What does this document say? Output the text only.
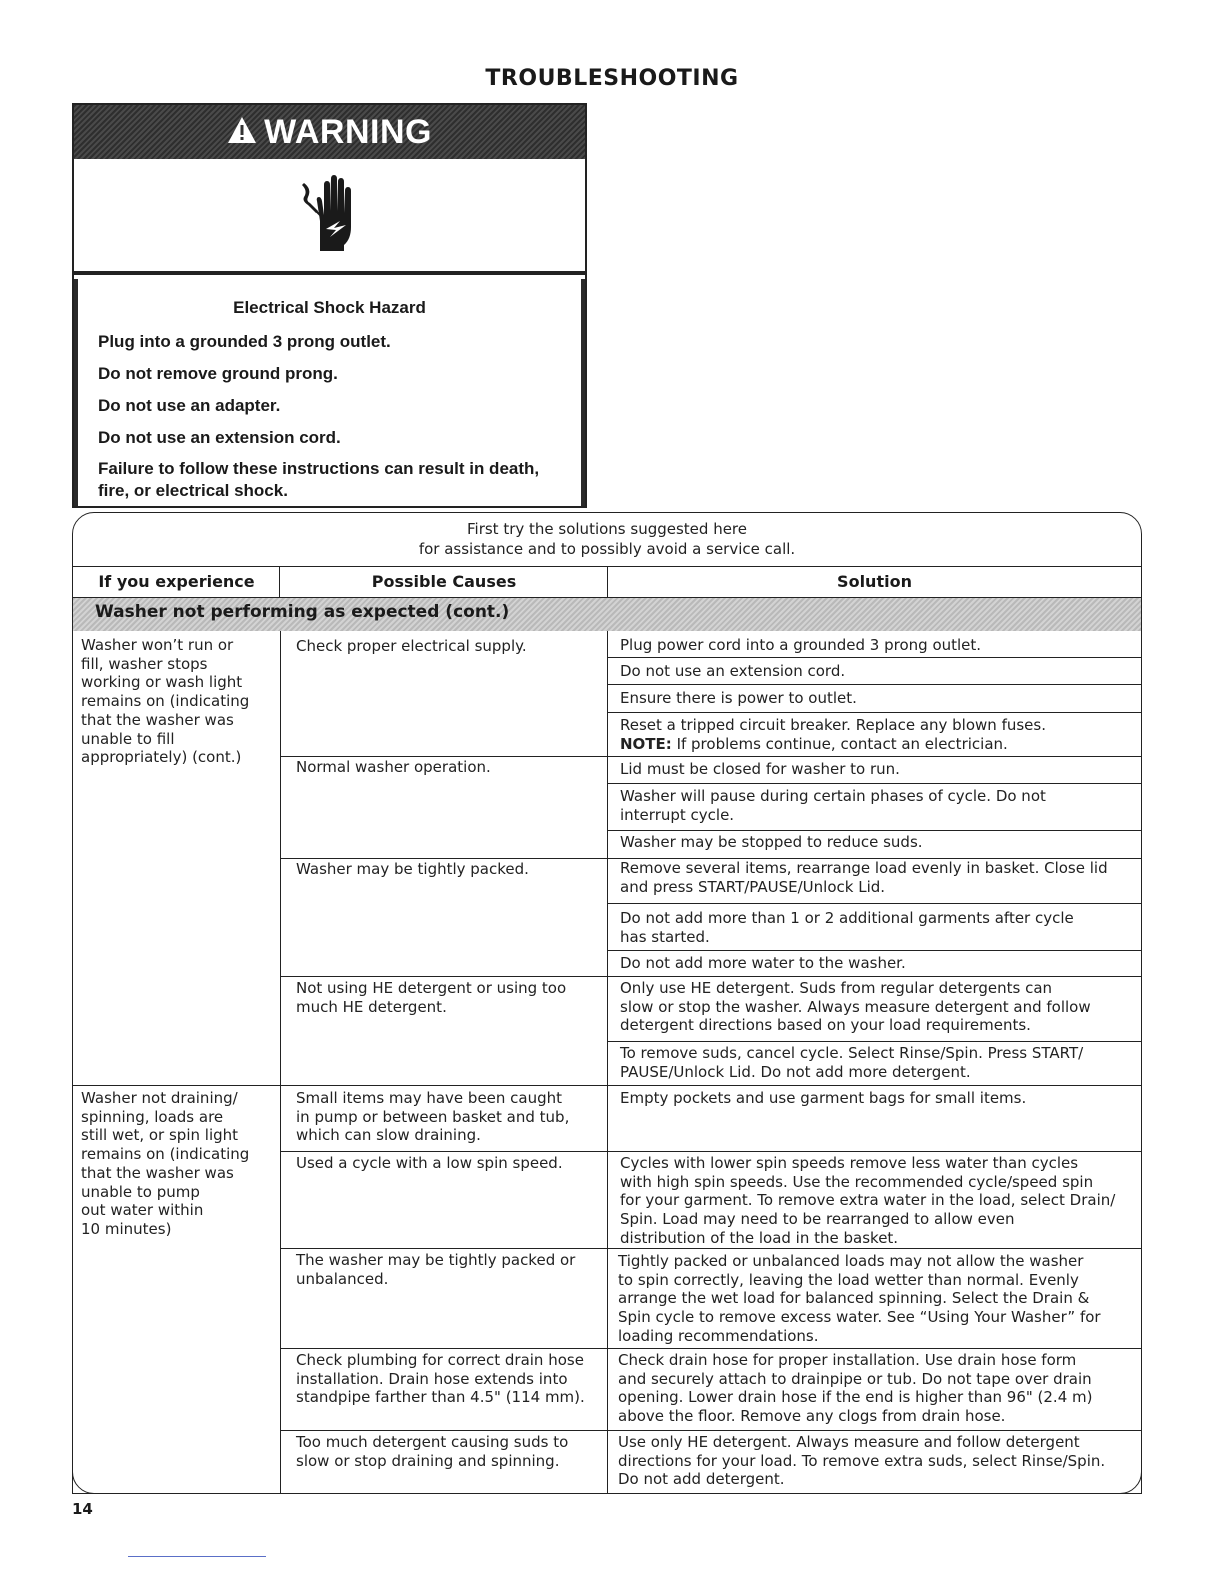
TROUBLESHOOTING
WARNING
Electrical Shock Hazard
Plug into a grounded 3 prong outlet.
Do not remove ground prong.
Do not use an adapter.
Do not use an extension cord.
Failure to follow these instructions can result in death,
fire, or electrical shock.
First try the solutions suggested here
for assistance and to possibly avoid a service call.
If you experience	Possible Causes	Solution
Washer not performing as expected (cont.)
Washer won’t run or
fill, washer stops
working or wash light
remains on (indicating
that the washer was
unable to fill
appropriately) (cont.)
Washer not draining/
spinning, loads are
still wet, or spin light
remains on (indicating
that the washer was
unable to pump
out water within
10 minutes)
Check proper electrical supply.
Normal washer operation.
Washer may be tightly packed.
Not using HE detergent or using too
much HE detergent.
Small items may have been caught
in pump or between basket and tub,
which can slow draining.
Used a cycle with a low spin speed.
The washer may be tightly packed or
unbalanced.
Check plumbing for correct drain hose
installation. Drain hose extends into
standpipe farther than 4.5" (114 mm).
Too much detergent causing suds to
slow or stop draining and spinning.
Plug power cord into a grounded 3 prong outlet.
Do not use an extension cord.
Ensure there is power to outlet.
Reset a tripped circuit breaker. Replace any blown fuses.
NOTE: If problems continue, contact an electrician.
Lid must be closed for washer to run.
Washer will pause during certain phases of cycle. Do not
interrupt cycle.
Washer may be stopped to reduce suds.
Remove several items, rearrange load evenly in basket. Close lid
and press START/PAUSE/Unlock Lid.
Do not add more than 1 or 2 additional garments after cycle
has started.
Do not add more water to the washer.
Only use HE detergent. Suds from regular detergents can
slow or stop the washer. Always measure detergent and follow
detergent directions based on your load requirements.
To remove suds, cancel cycle. Select Rinse/Spin. Press START/
PAUSE/Unlock Lid. Do not add more detergent.
Empty pockets and use garment bags for small items.
Cycles with lower spin speeds remove less water than cycles
with high spin speeds. Use the recommended cycle/speed spin
for your garment. To remove extra water in the load, select Drain/
Spin. Load may need to be rearranged to allow even
distribution of the load in the basket.
Tightly packed or unbalanced loads may not allow the washer
to spin correctly, leaving the load wetter than normal. Evenly
arrange the wet load for balanced spinning. Select the Drain &
Spin cycle to remove excess water. See “Using Your Washer” for
loading recommendations.
Check drain hose for proper installation. Use drain hose form
and securely attach to drainpipe or tub. Do not tape over drain
opening. Lower drain hose if the end is higher than 96" (2.4 m)
above the floor. Remove any clogs from drain hose.
Use only HE detergent. Always measure and follow detergent
directions for your load. To remove extra suds, select Rinse/Spin.
Do not add detergent.
14
